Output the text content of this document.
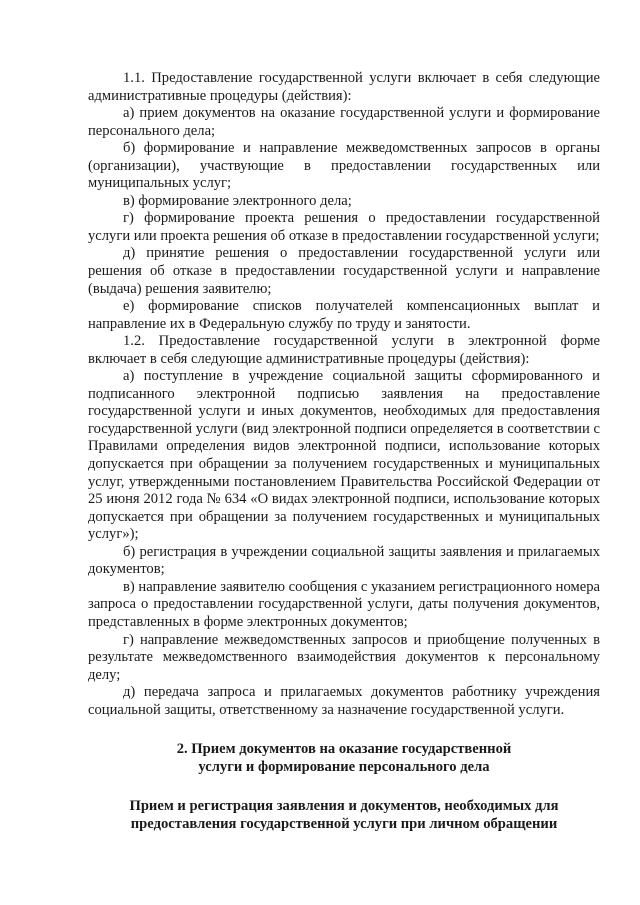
1.1. Предоставление государственной услуги включает в себя следующие административные процедуры (действия):

а) прием документов на оказание государственной услуги и формирование персонального дела;

б) формирование и направление межведомственных запросов в органы (организации), участвующие в предоставлении государственных или муниципальных услуг;

в) формирование электронного дела;

г) формирование проекта решения о предоставлении государственной услуги или проекта решения об отказе в предоставлении государственной услуги;

д) принятие решения о предоставлении государственной услуги или решения об отказе в предоставлении государственной услуги и направление (выдача) решения заявителю;

е) формирование списков получателей компенсационных выплат и направление их в Федеральную службу по труду и занятости.

1.2. Предоставление государственной услуги в электронной форме включает в себя следующие административные процедуры (действия):

а) поступление в учреждение социальной защиты сформированного и подписанного электронной подписью заявления на предоставление государственной услуги и иных документов, необходимых для предоставления государственной услуги (вид электронной подписи определяется в соответствии с Правилами определения видов электронной подписи, использование которых допускается при обращении за получением государственных и муниципальных услуг, утвержденными постановлением Правительства Российской Федерации от 25 июня 2012 года № 634 «О видах электронной подписи, использование которых допускается при обращении за получением государственных и муниципальных услуг»);

б) регистрация в учреждении социальной защиты заявления и прилагаемых документов;

в) направление заявителю сообщения с указанием регистрационного номера запроса о предоставлении государственной услуги, даты получения документов, представленных в форме электронных документов;

г) направление межведомственных запросов и приобщение полученных в результате межведомственного взаимодействия документов к персональному делу;

д) передача запроса и прилагаемых документов работнику учреждения социальной защиты, ответственному за назначение государственной услуги.

2. Прием документов на оказание государственной
услуги и формирование персонального дела
Прием и регистрация заявления и документов, необходимых для
предоставления государственной услуги при личном обращении
